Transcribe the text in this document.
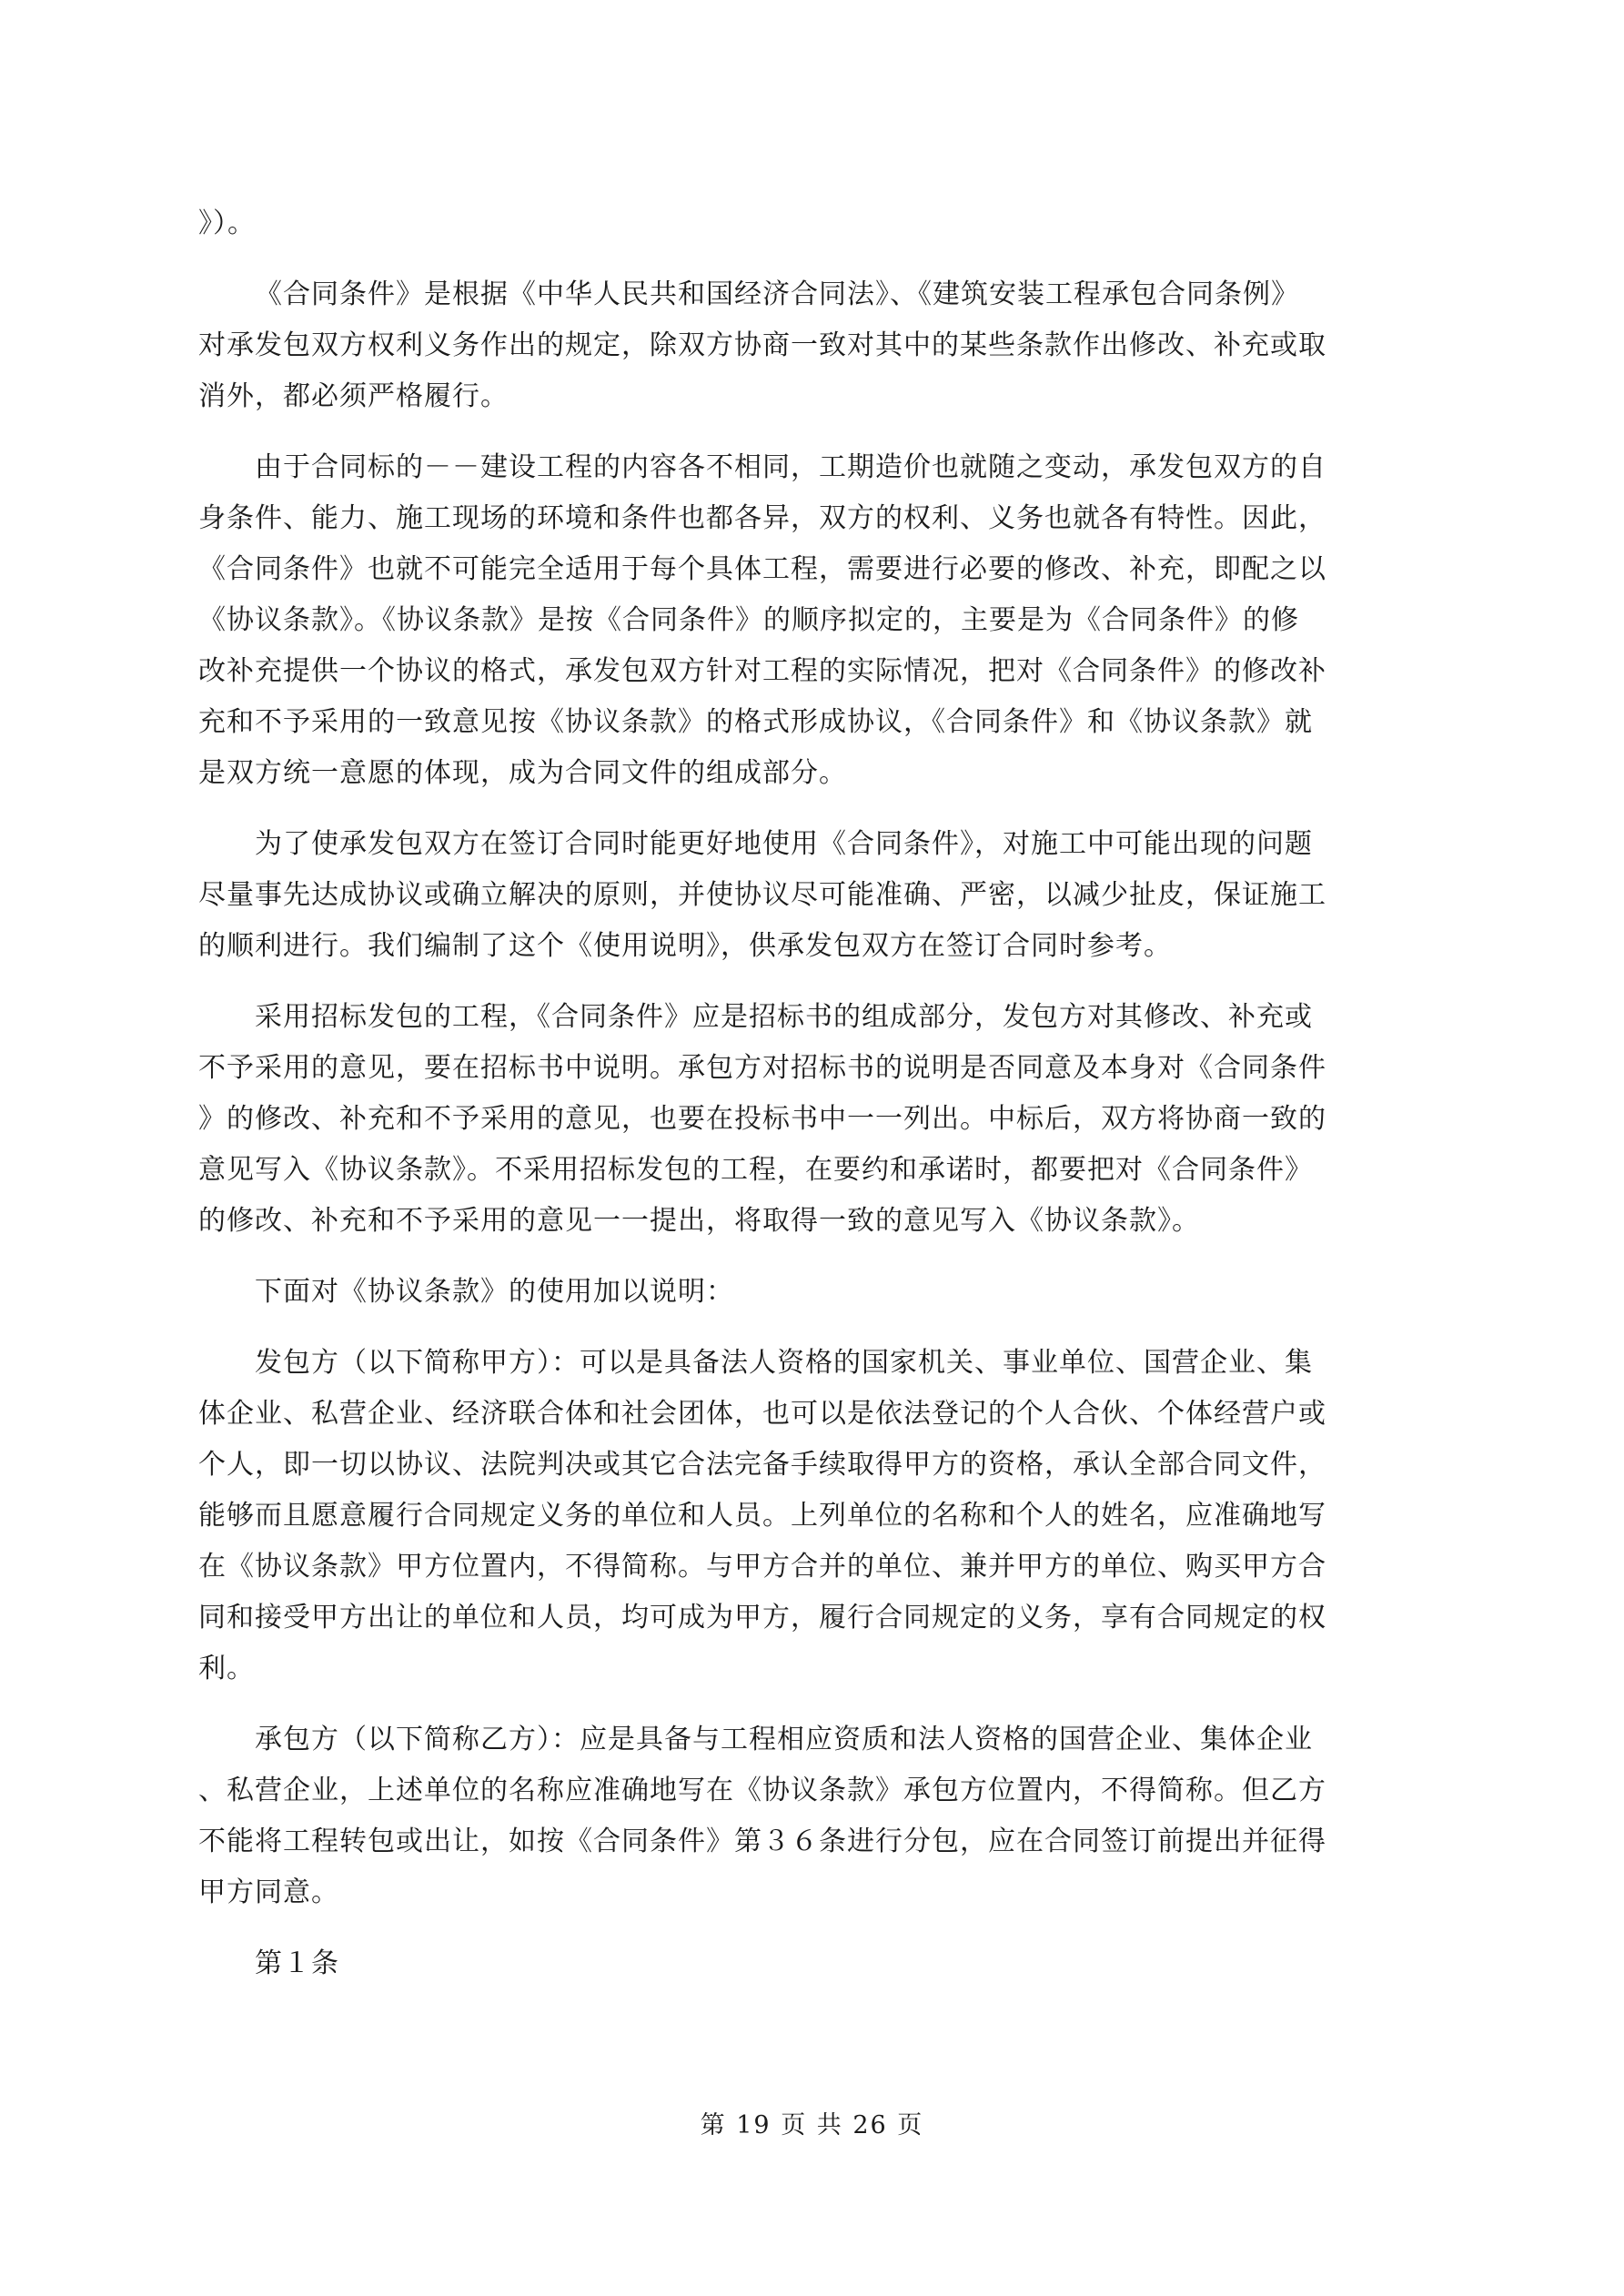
》）。
《合同条件》是根据《中华人民共和国经济合同法》、《建筑安装工程承包合同条例》
对承发包双方权利义务作出的规定，除双方协商一致对其中的某些条款作出修改、补充或取
消外，都必须严格履行。
由于合同标的－－建设工程的内容各不相同，工期造价也就随之变动，承发包双方的自
身条件、能力、施工现场的环境和条件也都各异，双方的权利、义务也就各有特性。因此，
《合同条件》也就不可能完全适用于每个具体工程，需要进行必要的修改、补充，即配之以
《协议条款》。《协议条款》是按《合同条件》的顺序拟定的，主要是为《合同条件》的修
改补充提供一个协议的格式，承发包双方针对工程的实际情况，把对《合同条件》的修改补
充和不予采用的一致意见按《协议条款》的格式形成协议，《合同条件》和《协议条款》就
是双方统一意愿的体现，成为合同文件的组成部分。
为了使承发包双方在签订合同时能更好地使用《合同条件》，对施工中可能出现的问题
尽量事先达成协议或确立解决的原则，并使协议尽可能准确、严密，以减少扯皮，保证施工
的顺利进行。我们编制了这个《使用说明》，供承发包双方在签订合同时参考。
采用招标发包的工程，《合同条件》应是招标书的组成部分，发包方对其修改、补充或
不予采用的意见，要在招标书中说明。承包方对招标书的说明是否同意及本身对《合同条件
》的修改、补充和不予采用的意见，也要在投标书中一一列出。中标后，双方将协商一致的
意见写入《协议条款》。不采用招标发包的工程，在要约和承诺时，都要把对《合同条件》
的修改、补充和不予采用的意见一一提出，将取得一致的意见写入《协议条款》。
下面对《协议条款》的使用加以说明：
发包方（以下简称甲方）：可以是具备法人资格的国家机关、事业单位、国营企业、集
体企业、私营企业、经济联合体和社会团体，也可以是依法登记的个人合伙、个体经营户或
个人，即一切以协议、法院判决或其它合法完备手续取得甲方的资格，承认全部合同文件，
能够而且愿意履行合同规定义务的单位和人员。上列单位的名称和个人的姓名，应准确地写
在《协议条款》甲方位置内，不得简称。与甲方合并的单位、兼并甲方的单位、购买甲方合
同和接受甲方出让的单位和人员，均可成为甲方，履行合同规定的义务，享有合同规定的权
利。
承包方（以下简称乙方）：应是具备与工程相应资质和法人资格的国营企业、集体企业
、私营企业，上述单位的名称应准确地写在《协议条款》承包方位置内，不得简称。但乙方
不能将工程转包或出让，如按《合同条件》第３６条进行分包，应在合同签订前提出并征得
甲方同意。
第１条
第 19 页 共 26 页
